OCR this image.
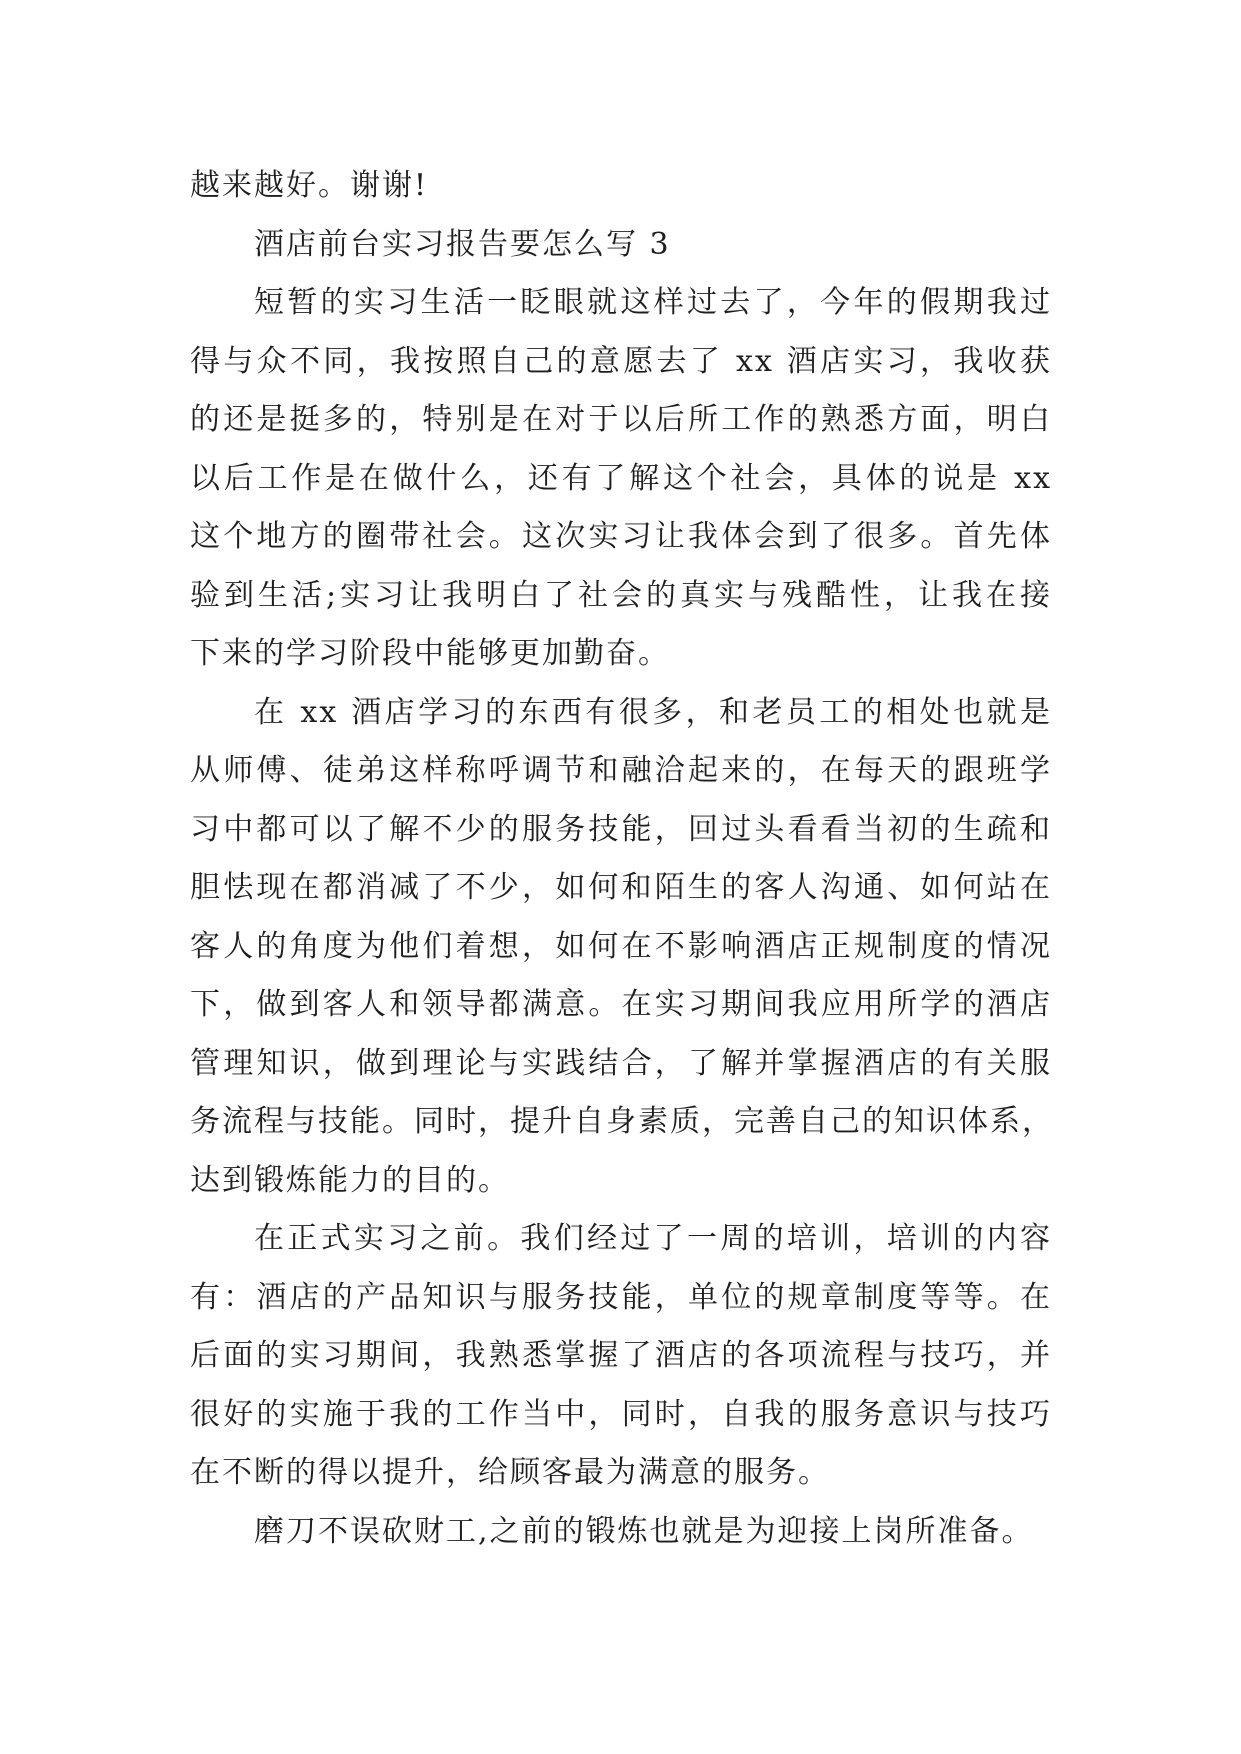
越来越好。谢谢!
酒店前台实习报告要怎么写 3
短暂的实习生活一眨眼就这样过去了，今年的假期我过
得与众不同，我按照自己的意愿去了 xx 酒店实习，我收获
的还是挺多的，特别是在对于以后所工作的熟悉方面，明白
以后工作是在做什么，还有了解这个社会，具体的说是 xx
这个地方的圈带社会。这次实习让我体会到了很多。首先体
验到生活;实习让我明白了社会的真实与残酷性，让我在接
下来的学习阶段中能够更加勤奋。
在 xx 酒店学习的东西有很多，和老员工的相处也就是
从师傅、徒弟这样称呼调节和融洽起来的，在每天的跟班学
习中都可以了解不少的服务技能，回过头看看当初的生疏和
胆怯现在都消减了不少，如何和陌生的客人沟通、如何站在
客人的角度为他们着想，如何在不影响酒店正规制度的情况
下，做到客人和领导都满意。在实习期间我应用所学的酒店
管理知识，做到理论与实践结合，了解并掌握酒店的有关服
务流程与技能。同时，提升自身素质，完善自己的知识体系，
达到锻炼能力的目的。
在正式实习之前。我们经过了一周的培训，培训的内容
有：酒店的产品知识与服务技能，单位的规章制度等等。在
后面的实习期间，我熟悉掌握了酒店的各项流程与技巧，并
很好的实施于我的工作当中，同时，自我的服务意识与技巧
在不断的得以提升，给顾客最为满意的服务。
磨刀不误砍财工,之前的锻炼也就是为迎接上岗所准备。
